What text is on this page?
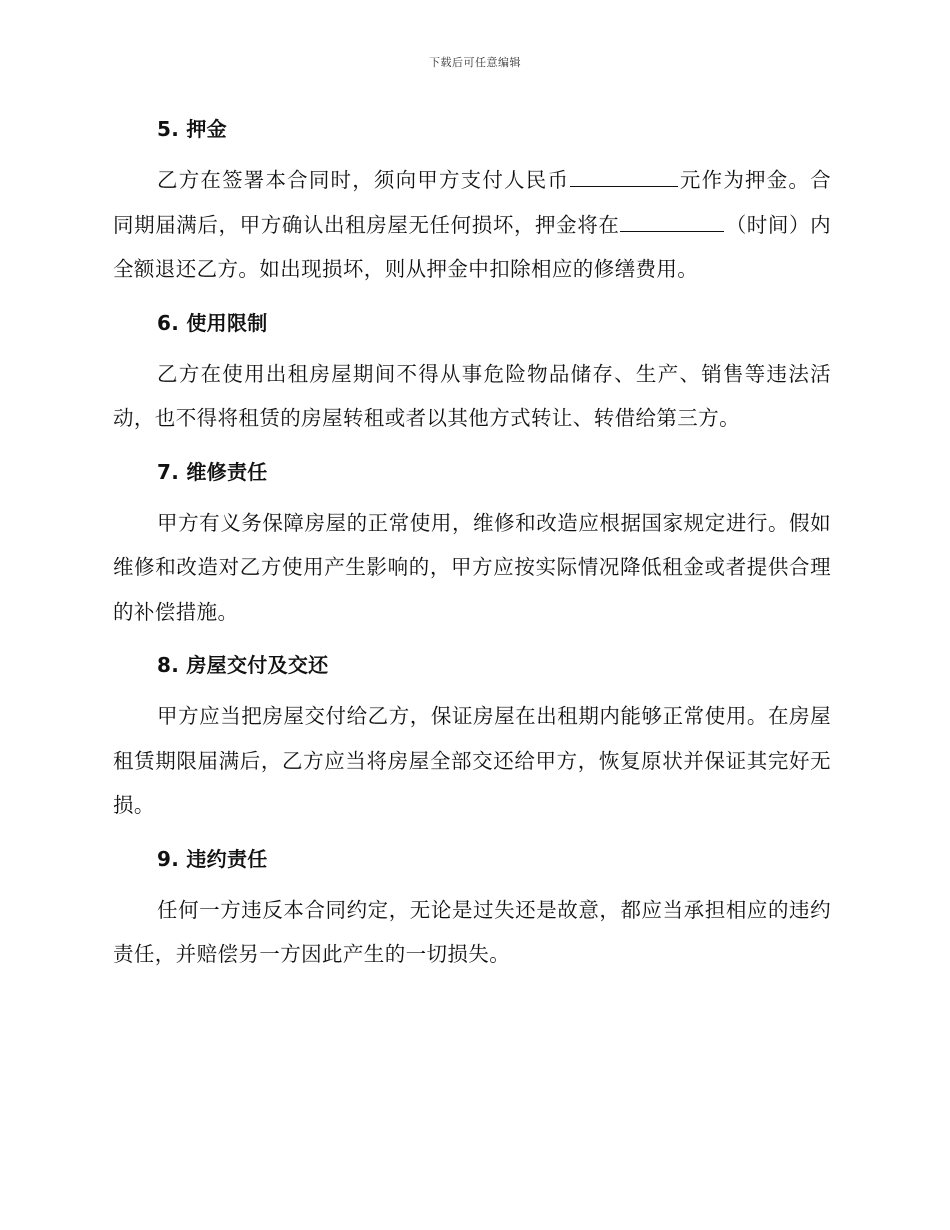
下载后可任意编辑
5. 押金

乙方在签署本合同时，须向甲方支付人民币	元作为押金。合同期届满后，甲方确认出租房屋无任何损坏，押金将在	（时间）内全额退还乙方。如出现损坏，则从押金中扣除相应的修缮费用。

6. 使用限制

乙方在使用出租房屋期间不得从事危险物品储存、生产、销售等违法活动，也不得将租赁的房屋转租或者以其他方式转让、转借给第三方。

7. 维修责任

甲方有义务保障房屋的正常使用，维修和改造应根据国家规定进行。假如维修和改造对乙方使用产生影响的，甲方应按实际情况降低租金或者提供合理的补偿措施。

8. 房屋交付及交还

甲方应当把房屋交付给乙方，保证房屋在出租期内能够正常使用。在房屋租赁期限届满后，乙方应当将房屋全部交还给甲方，恢复原状并保证其完好无损。

9. 违约责任

任何一方违反本合同约定，无论是过失还是故意，都应当承担相应的违约责任，并赔偿另一方因此产生的一切损失。
